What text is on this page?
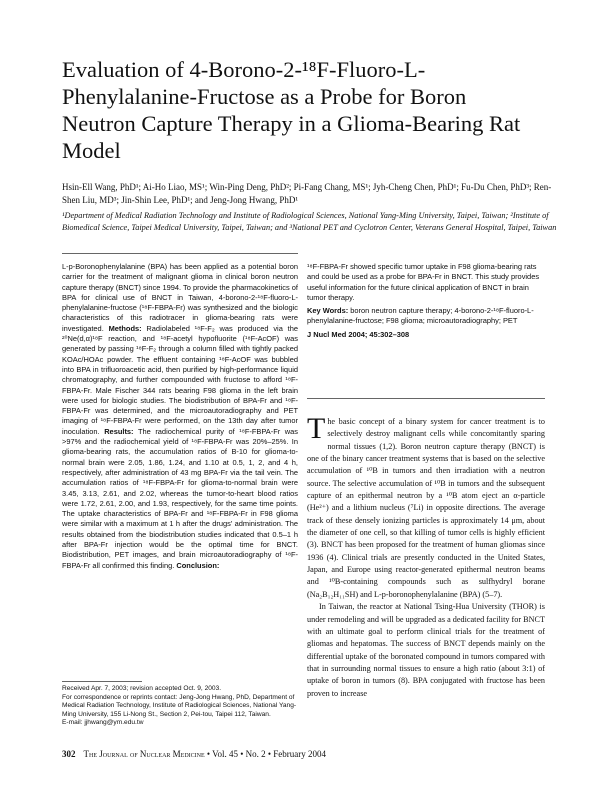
Evaluation of 4-Borono-2-¹⁸F-Fluoro-L-Phenylalanine-Fructose as a Probe for Boron Neutron Capture Therapy in a Glioma-Bearing Rat Model
Hsin-Ell Wang, PhD¹; Ai-Ho Liao, MS¹; Win-Ping Deng, PhD²; Pi-Fang Chang, MS¹; Jyh-Cheng Chen, PhD¹; Fu-Du Chen, PhD³; Ren-Shen Liu, MD³; Jin-Shin Lee, PhD¹; and Jeng-Jong Hwang, PhD¹
¹Department of Medical Radiation Technology and Institute of Radiological Sciences, National Yang-Ming University, Taipei, Taiwan; ²Institute of Biomedical Science, Taipei Medical University, Taipei, Taiwan; and ³National PET and Cyclotron Center, Veterans General Hospital, Taipei, Taiwan
L-p-Boronophenylalanine (BPA) has been applied as a potential boron carrier for the treatment of malignant glioma in clinical boron neutron capture therapy (BNCT) since 1994. To provide the pharmacokinetics of BPA for clinical use of BNCT in Taiwan, 4-borono-2-¹⁸F-fluoro-L-phenylalanine-fructose (¹⁸F-FBPA-Fr) was synthesized and the biologic characteristics of this radiotracer in glioma-bearing rats were investigated. Methods: Radiolabeled ¹⁸F-F₂ was produced via the ²⁰Ne(d,α)¹⁸F reaction, and ¹⁸F-acetyl hypofluorite (¹⁸F-AcOF) was generated by passing ¹⁸F-F₂ through a column filled with tightly packed KOAc/HOAc powder. The effluent containing ¹⁸F-AcOF was bubbled into BPA in trifluoroacetic acid, then purified by high-performance liquid chromatography, and further compounded with fructose to afford ¹⁸F-FBPA-Fr. Male Fischer 344 rats bearing F98 glioma in the left brain were used for biologic studies. The biodistribution of BPA-Fr and ¹⁸F-FBPA-Fr was determined, and the microautoradiography and PET imaging of ¹⁸F-FBPA-Fr were performed, on the 13th day after tumor inoculation. Results: The radiochemical purity of ¹⁸F-FBPA-Fr was >97% and the radiochemical yield of ¹⁸F-FBPA-Fr was 20%–25%. In glioma-bearing rats, the accumulation ratios of B-10 for glioma-to-normal brain were 2.05, 1.86, 1.24, and 1.10 at 0.5, 1, 2, and 4 h, respectively, after administration of 43 mg BPA-Fr via the tail vein. The accumulation ratios of ¹⁸F-FBPA-Fr for glioma-to-normal brain were 3.45, 3.13, 2.61, and 2.02, whereas the tumor-to-heart blood ratios were 1.72, 2.61, 2.00, and 1.93, respectively, for the same time points. The uptake characteristics of BPA-Fr and ¹⁸F-FBPA-Fr in F98 glioma were similar with a maximum at 1 h after the drugs' administration. The results obtained from the biodistribution studies indicated that 0.5–1 h after BPA-Fr injection would be the optimal time for BNCT. Biodistribution, PET images, and brain microautoradiography of ¹⁸F-FBPA-Fr all confirmed this finding. Conclusion:

¹⁸F-FBPA-Fr showed specific tumor uptake in F98 glioma-bearing rats and could be used as a probe for BPA-Fr in BNCT. This study provides useful information for the future clinical application of BNCT in brain tumor therapy.

Key Words: boron neutron capture therapy; 4-borono-2-¹⁸F-fluoro-L-phenylalanine-fructose; F98 glioma; microautoradiography; PET

J Nucl Med 2004; 45:302–308

The basic concept of a binary system for cancer treatment is to selectively destroy malignant cells while concomitantly sparing normal tissues (1,2). Boron neutron capture therapy (BNCT) is one of the binary cancer treatment systems that is based on the selective accumulation of ¹⁰B in tumors and then irradiation with a neutron source. The selective accumulation of ¹⁰B in tumors and the subsequent capture of an epithermal neutron by a ¹⁰B atom eject an α-particle (He²⁺) and a lithium nucleus (⁷Li) in opposite directions. The average track of these densely ionizing particles is approximately 14 μm, about the diameter of one cell, so that killing of tumor cells is highly efficient (3). BNCT has been proposed for the treatment of human gliomas since 1936 (4). Clinical trials are presently conducted in the United States, Japan, and Europe using reactor-generated epithermal neutron beams and ¹⁰B-containing compounds such as sulfhydryl borane (Na₂B₁₂H₁₁SH) and L-p-boronophenylalanine (BPA) (5–7).

In Taiwan, the reactor at National Tsing-Hua University (THOR) is under remodeling and will be upgraded as a dedicated facility for BNCT with an ultimate goal to perform clinical trials for the treatment of gliomas and hepatomas. The success of BNCT depends mainly on the differential uptake of the boronated compound in tumors compared with that in surrounding normal tissues to ensure a high ratio (about 3:1) of uptake of boron in tumors (8). BPA conjugated with fructose has been proven to increase

Received Apr. 7, 2003; revision accepted Oct. 9, 2003.

For correspondence or reprints contact: Jeng-Jong Hwang, PhD, Department of Medical Radiation Technology, Institute of Radiological Sciences, National Yang-Ming University, 155 Li-Nong St., Section 2, Pei-tou, Taipei 112, Taiwan.

E-mail: jjhwang@ym.edu.tw

302 The Journal of Nuclear Medicine • Vol. 45 • No. 2 • February 2004
